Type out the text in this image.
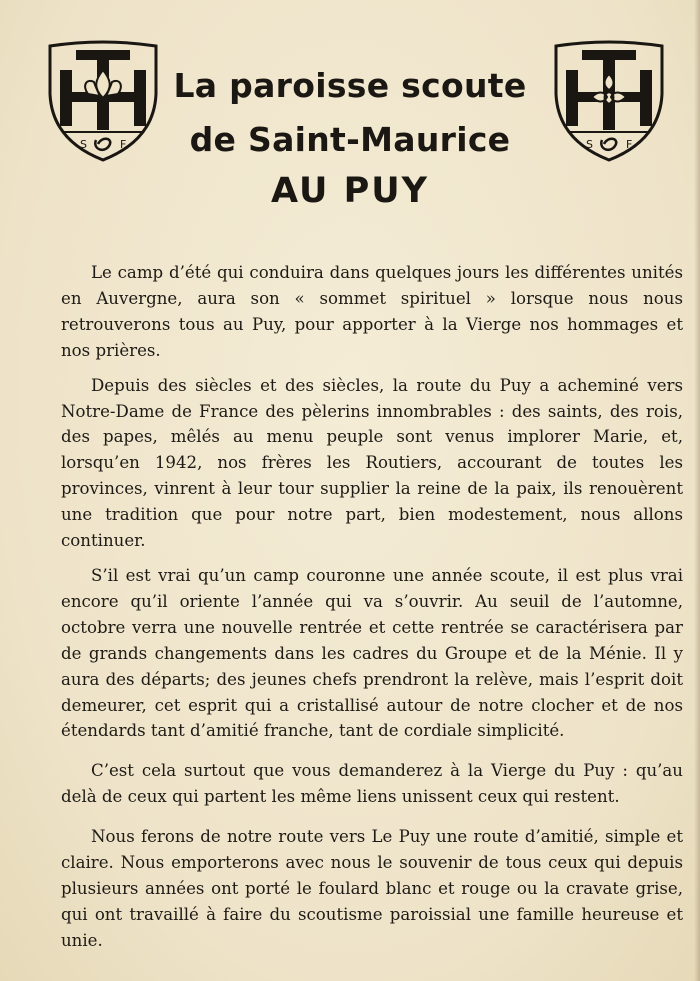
S	F	S	F
La paroisse scoute
de Saint-Maurice
AU PUY

Le camp d’été qui conduira dans quelques jours les différentes unités en Auvergne, aura son « sommet spirituel » lorsque nous nous retrouverons tous au Puy, pour apporter à la Vierge nos hommages et nos prières.

Depuis des siècles et des siècles, la route du Puy a acheminé vers Notre-Dame de France des pèlerins innombrables : des saints, des rois, des papes, mêlés au menu peuple sont venus implorer Marie, et, lorsqu’en 1942, nos frères les Routiers, accourant de toutes les provinces, vinrent à leur tour supplier la reine de la paix, ils renouèrent une tradition que pour notre part, bien modestement, nous allons continuer.

S’il est vrai qu’un camp couronne une année scoute, il est plus vrai encore qu’il oriente l’année qui va s’ouvrir. Au seuil de l’automne, octobre verra une nouvelle rentrée et cette rentrée se caractérisera par de grands changements dans les cadres du Groupe et de la Ménie. Il y aura des départs; des jeunes chefs prendront la relève, mais l’esprit doit demeurer, cet esprit qui a cristallisé autour de notre clocher et de nos étendards tant d’amitié franche, tant de cordiale simplicité.

C’est cela surtout que vous demanderez à la Vierge du Puy : qu’au delà de ceux qui partent les même liens unissent ceux qui restent.

Nous ferons de notre route vers Le Puy une route d’amitié, simple et claire. Nous emporterons avec nous le souvenir de tous ceux qui depuis plusieurs années ont porté le foulard blanc et rouge ou la cravate grise, qui ont travaillé à faire du scoutisme paroissial une famille heureuse et unie.
